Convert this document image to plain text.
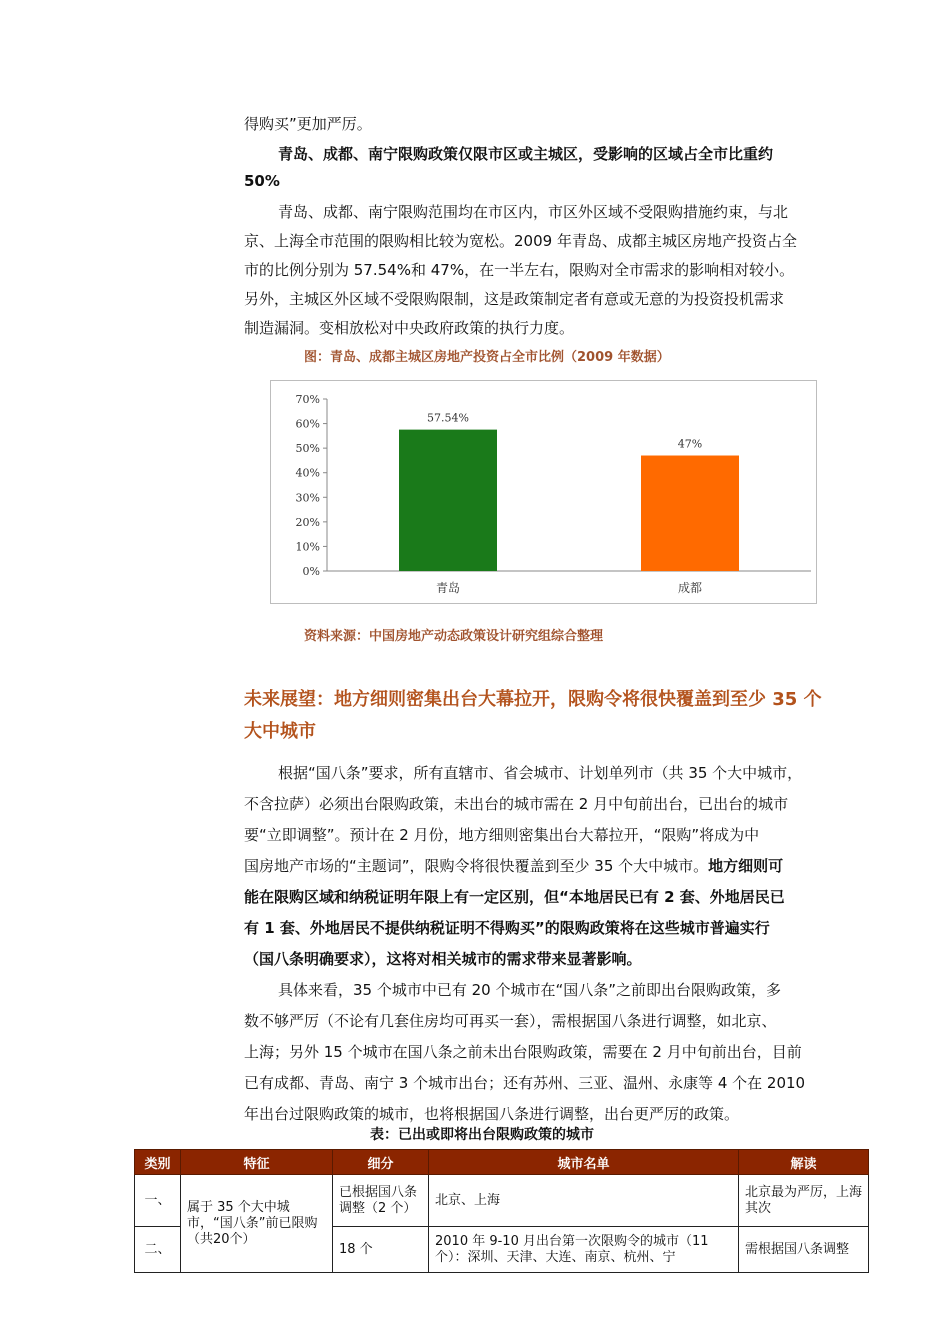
得购买”更加严厉。
青岛、成都、南宁限购政策仅限市区或主城区，受影响的区域占全市比重约
50%
青岛、成都、南宁限购范围均在市区内，市区外区域不受限购措施约束，与北
京、上海全市范围的限购相比较为宽松。2009 年青岛、成都主城区房地产投资占全
市的比例分别为 57.54%和 47%，在一半左右，限购对全市需求的影响相对较小。
另外，主城区外区域不受限购限制，这是政策制定者有意或无意的为投资投机需求
制造漏洞。变相放松对中央政府政策的执行力度。
图：青岛、成都主城区房地产投资占全市比例（2009 年数据）
0%
10%
20%
30%
40%
50%
60%
70%
57.54%
青岛
47%
成都
资料来源：中国房地产动态政策设计研究组综合整理
未来展望：地方细则密集出台大幕拉开，限购令将很快覆盖到至少 35 个
大中城市
根据“国八条”要求，所有直辖市、省会城市、计划单列市（共 35 个大中城市，
不含拉萨）必须出台限购政策，未出台的城市需在 2 月中旬前出台，已出台的城市
要“立即调整”。预计在 2 月份，地方细则密集出台大幕拉开，“限购”将成为中
国房地产市场的“主题词”，限购令将很快覆盖到至少 35 个大中城市。地方细则可
能在限购区域和纳税证明年限上有一定区别，但“本地居民已有 2 套、外地居民已
有 1 套、外地居民不提供纳税证明不得购买”的限购政策将在这些城市普遍实行
（国八条明确要求），这将对相关城市的需求带来显著影响。
具体来看，35 个城市中已有 20 个城市在“国八条”之前即出台限购政策，多
数不够严厉（不论有几套住房均可再买一套），需根据国八条进行调整，如北京、
上海；另外 15 个城市在国八条之前未出台限购政策，需要在 2 月中旬前出台，目前
已有成都、青岛、南宁 3 个城市出台；还有苏州、三亚、温州、永康等 4 个在 2010
年出台过限购政策的城市，也将根据国八条进行调整，出台更严厉的政策。
表：已出或即将出台限购政策的城市
类别	特征	细分	城市名单	解读
一、	属于 35 个大中城市，“国八条”前已限购（共20个）	已根据国八条调整（2 个）	北京、上海	北京最为严厉，上海其次
二、		18 个	2010 年 9-10 月出台第一次限购令的城市（11 个）：深圳、天津、大连、南京、杭州、宁	需根据国八条调整
